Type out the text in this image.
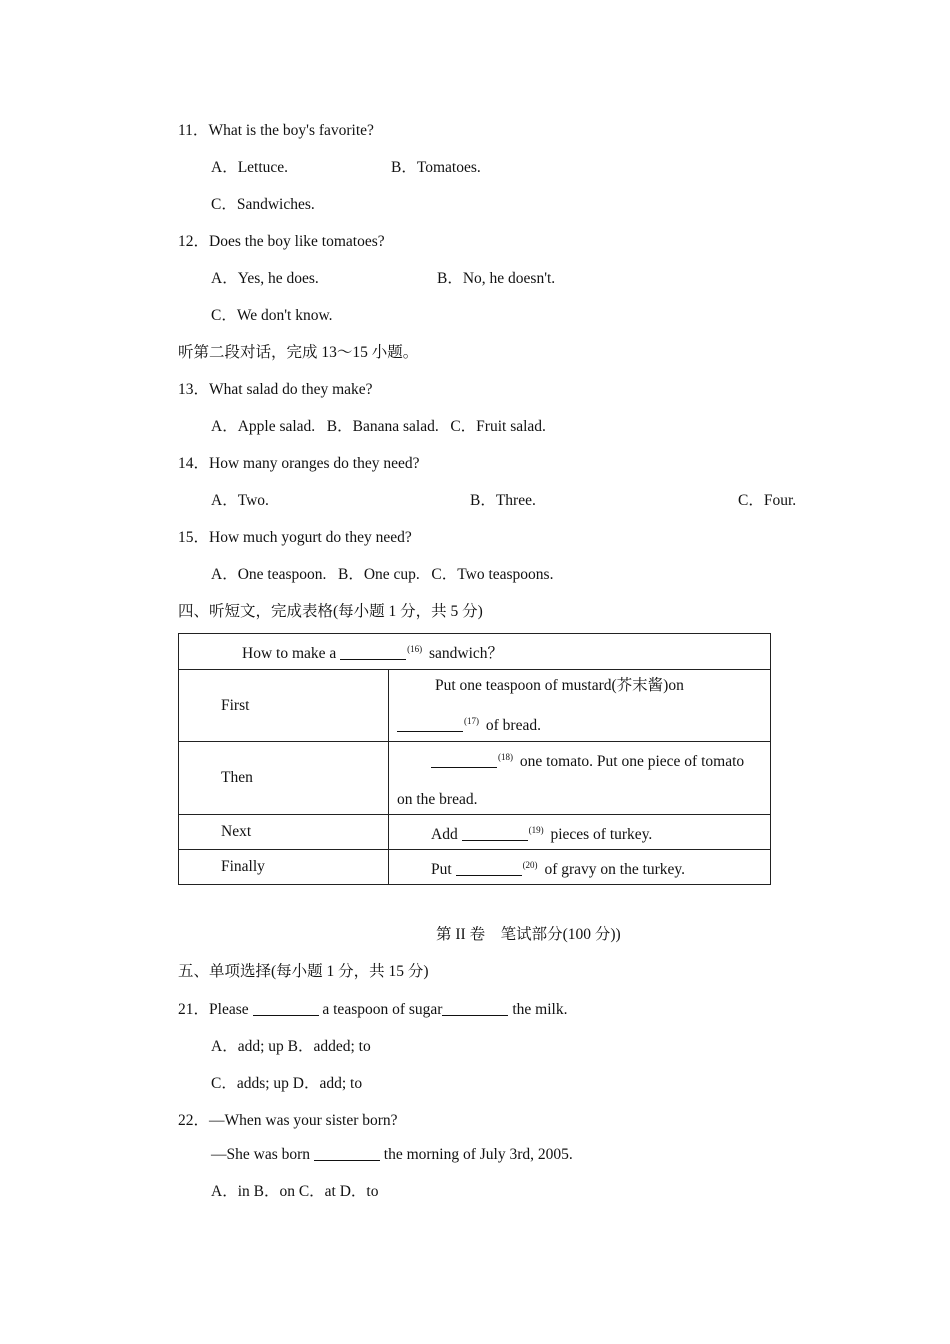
11．What is the boy's favorite?
A．Lettuce.	B．Tomatoes.
C．Sandwiches.
12．Does the boy like tomatoes?
A．Yes, he does.	B．No, he doesn't.
C．We don't know.
听第二段对话，完成 13～15 小题。
13．What salad do they make?
A．Apple salad. B．Banana salad. C．Fruit salad.
14．How many oranges do they need?
A．Two.	B．Three.	C．Four.
15．How much yogurt do they need?
A．One teaspoon. B．One cup. C．Two teaspoons.
四、听短文，完成表格(每小题 1 分，共 5 分)
How to make a $^{(16)}$ sandwich？	

First	Put one teaspoon of mustard(芥末酱)on
$^{(17)}$ of bread.

Then	$^{(18)}$ one tomato. Put one piece of tomato
on the bread.

Next	Add $^{(19)}$ pieces of turkey.

Finally	Put $^{(20)}$ of gravy on the turkey.
第 II 卷　笔试部分(100 分))
五、单项选择(每小题 1 分，共 15 分)
21．Please	a teaspoon of sugar	the milk.
A．add; up B．added; to
C．adds; up D．add; to
22．—When was your sister born?
—She was born	the morning of July 3rd, 2005.
A．in B．on C．at D．to
